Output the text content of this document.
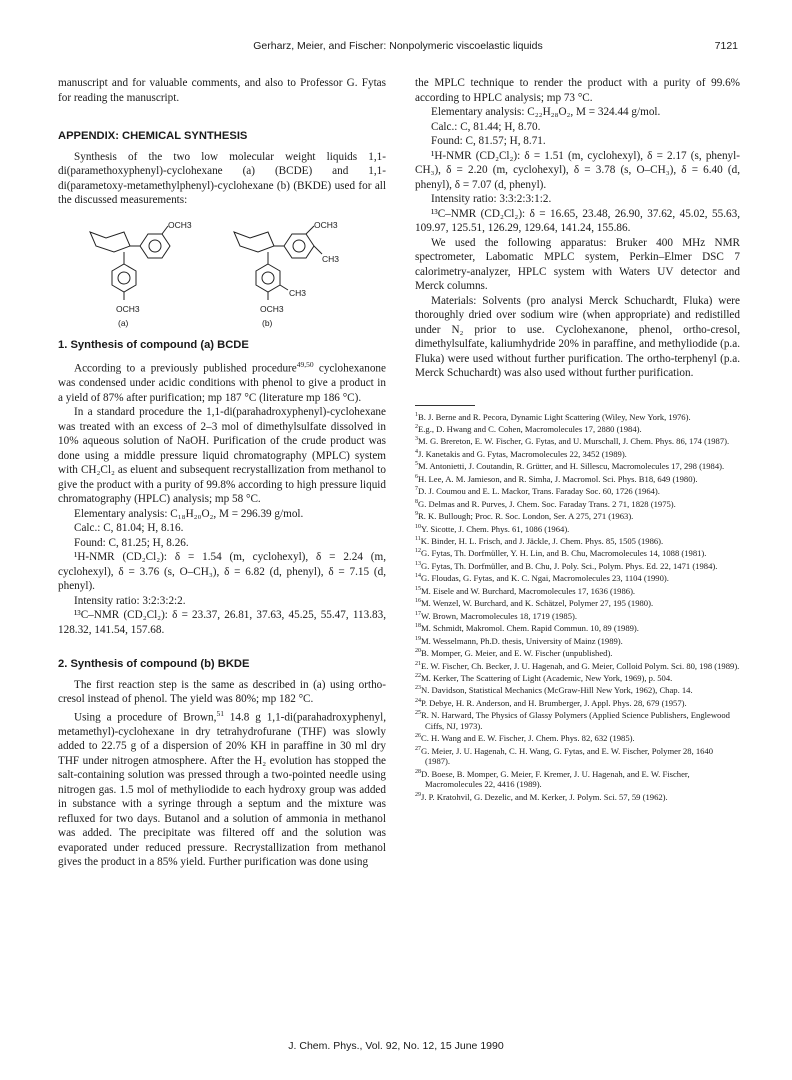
Gerharz, Meier, and Fischer: Nonpolymeric viscoelastic liquids	7121

manuscript and for valuable comments, and also to Professor G. Fytas for reading the manuscript.

APPENDIX: CHEMICAL SYNTHESIS

Synthesis of the two low molecular weight liquids 1,1-di(paramethoxyphenyl)-cyclohexane (a) (BCDE) and 1,1-di(parametoxy-metamethylphenyl)-cyclohexane (b) (BKDE) used for all the discussed measurements:

OCH3
OCH3
(a)
OCH3
CH3
CH3
OCH3
(b)
1. Synthesis of compound (a) BCDE

According to a previously published procedure$^{49,50}$ cyclohexanone was condensed under acidic conditions with phenol to give a product in a yield of 87% after purification; mp 187 °C (literature mp 186 °C).

In a standard procedure the 1,1-di(parahadroxyphenyl)-cyclohexane was treated with an excess of 2–3 mol of dimethylsulfate dissolved in 10% aqueous solution of NaOH. Purification of the crude product was done using a middle pressure liquid chromatography (MPLC) system with CH₂Cl₂ as eluent and subsequent recrystallization from methanol to give the product with a purity of 99.8% according to high pressure liquid chromatography (HPLC) analysis; mp 58 °C.

Elementary analysis: C₁₈H₂₀O₂, M = 296.39 g/mol.

Calc.: C, 81.04; H, 8.16.

Found: C, 81.25; H, 8.26.

¹H-NMR (CD₂Cl₂): δ = 1.54 (m, cyclohexyl), δ = 2.24 (m, cyclohexyl), δ = 3.76 (s, O–CH₃), δ = 6.82 (d, phenyl), δ = 7.15 (d, phenyl).

Intensity ratio: 3:2:3:2:2.

¹³C–NMR (CD₂Cl₂): δ = 23.37, 26.81, 37.63, 45.25, 55.47, 113.83, 128.32, 141.54, 157.68.

2. Synthesis of compound (b) BKDE

The first reaction step is the same as described in (a) using ortho-cresol instead of phenol. The yield was 80%; mp 182 °C.

Using a procedure of Brown,$^{51}$ 14.8 g 1,1-di(parahadroxyphenyl, metamethyl)-cyclohexane in dry tetrahydrofurane (THF) was slowly added to 22.75 g of a dispersion of 20% KH in paraffine in 30 ml dry THF under nitrogen atmosphere. After the H₂ evolution has stopped the salt-containing solution was pressed through a two-pointed needle using nitrogen gas. 1.5 mol of methyliodide to each hydroxy group was added in substance with a syringe through a septum and the mixture was refluxed for two days. Butanol and a solution of ammonia in methanol was added. The precipitate was filtered off and the solution was evaporated under reduced pressure. Recrystallization from methanol gives the product in a 85% yield. Further purification was done using

the MPLC technique to render the product with a purity of 99.6% according to HPLC analysis; mp 73 °C.

Elementary analysis: C₂₂H₂₈O₂, M = 324.44 g/mol.

Calc.: C, 81.44; H, 8.70.

Found: C, 81.57; H, 8.71.

¹H-NMR (CD₂Cl₂): δ = 1.51 (m, cyclohexyl), δ = 2.17 (s, phenyl-CH₃), δ = 2.20 (m, cyclohexyl), δ = 3.78 (s, O–CH₃), δ = 6.40 (d, phenyl), δ = 7.07 (d, phenyl).

Intensity ratio: 3:3:2:3:1:2.

¹³C–NMR (CD₂Cl₂): δ = 16.65, 23.48, 26.90, 37.62, 45.02, 55.63, 109.97, 125.51, 126.29, 129.64, 141.24, 155.86.

We used the following apparatus: Bruker 400 MHz NMR spectrometer, Labomatic MPLC system, Perkin–Elmer DSC 7 calorimetry-analyzer, HPLC system with Waters UV detector and Merck columns.

Materials: Solvents (pro analysi Merck Schuchardt, Fluka) were thoroughly dried over sodium wire (when appropriate) and redistilled under N₂ prior to use. Cyclohexanone, phenol, ortho-cresol, dimethylsulfate, kaliumhydride 20% in paraffine, and methyliodide (p.a. Fluka) were used without further purification. The ortho-terphenyl (p.a. Merck Schuchardt) was also used without further purification.

$^1$B. J. Berne and R. Pecora, Dynamic Light Scattering (Wiley, New York, 1976).

$^2$E.g., D. Hwang and C. Cohen, Macromolecules 17, 2880 (1984).

$^3$M. G. Brereton, E. W. Fischer, G. Fytas, and U. Murschall, J. Chem. Phys. 86, 174 (1987).

$^4$J. Kanetakis and G. Fytas, Macromolecules 22, 3452 (1989).

$^5$M. Antonietti, J. Coutandin, R. Grütter, and H. Sillescu, Macromolecules 17, 298 (1984).

$^6$H. Lee, A. M. Jamieson, and R. Simha, J. Macromol. Sci. Phys. B18, 649 (1980).

$^7$D. J. Coumou and E. L. Mackor, Trans. Faraday Soc. 60, 1726 (1964).

$^8$G. Delmas and R. Purves, J. Chem. Soc. Faraday Trans. 2 71, 1828 (1975).

$^9$R. K. Bullough; Proc. R. Soc. London, Ser. A 275, 271 (1963).

$^{10}$Y. Sicotte, J. Chem. Phys. 61, 1086 (1964).

$^{11}$K. Binder, H. L. Frisch, and J. Jäckle, J. Chem. Phys. 85, 1505 (1986).

$^{12}$G. Fytas, Th. Dorfmüller, Y. H. Lin, and B. Chu, Macromolecules 14, 1088 (1981).

$^{13}$G. Fytas, Th. Dorfmüller, and B. Chu, J. Poly. Sci., Polym. Phys. Ed. 22, 1471 (1984).

$^{14}$G. Floudas, G. Fytas, and K. C. Ngai, Macromolecules 23, 1104 (1990).

$^{15}$M. Eisele and W. Burchard, Macromolecules 17, 1636 (1986).

$^{16}$M. Wenzel, W. Burchard, and K. Schätzel, Polymer 27, 195 (1980).

$^{17}$W. Brown, Macromolecules 18, 1719 (1985).

$^{18}$M. Schmidt, Makromol. Chem. Rapid Commun. 10, 89 (1989).

$^{19}$M. Wesselmann, Ph.D. thesis, University of Mainz (1989).

$^{20}$B. Momper, G. Meier, and E. W. Fischer (unpublished).

$^{21}$E. W. Fischer, Ch. Becker, J. U. Hagenah, and G. Meier, Colloid Polym. Sci. 80, 198 (1989).

$^{22}$M. Kerker, The Scattering of Light (Academic, New York, 1969), p. 504.

$^{23}$N. Davidson, Statistical Mechanics (McGraw-Hill New York, 1962), Chap. 14.

$^{24}$P. Debye, H. R. Anderson, and H. Brumberger, J. Appl. Phys. 28, 679 (1957).

$^{25}$R. N. Harward, The Physics of Glassy Polymers (Applied Science Publishers, Englewood Ciffs, NJ, 1973).

$^{26}$C. H. Wang and E. W. Fischer, J. Chem. Phys. 82, 632 (1985).

$^{27}$G. Meier, J. U. Hagenah, C. H. Wang, G. Fytas, and E. W. Fischer, Polymer 28, 1640 (1987).

$^{28}$D. Boese, B. Momper, G. Meier, F. Kremer, J. U. Hagenah, and E. W. Fischer, Macromolecules 22, 4416 (1989).

$^{29}$J. P. Kratohvil, G. Dezelic, and M. Kerker, J. Polym. Sci. 57, 59 (1962).

J. Chem. Phys., Vol. 92, No. 12, 15 June 1990
